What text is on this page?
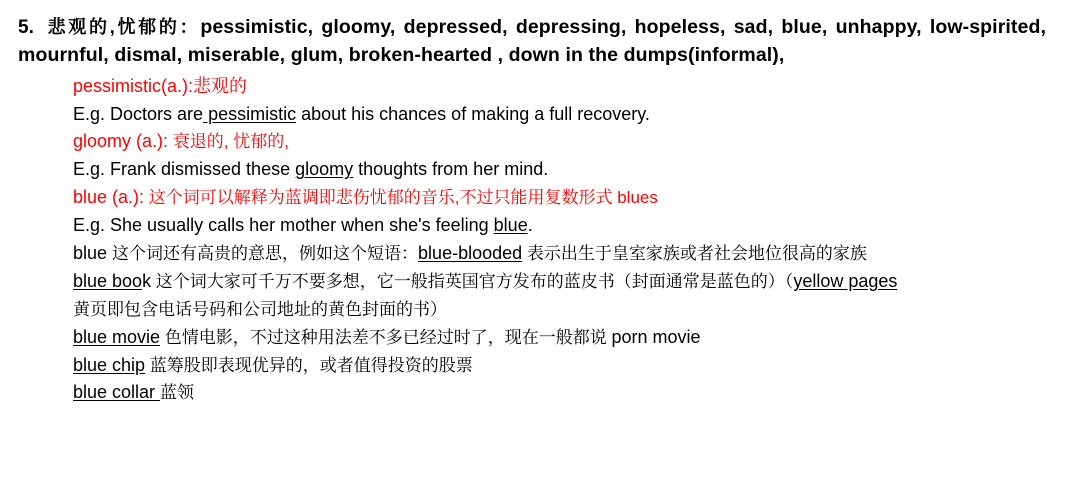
5. 悲观的,忧郁的：pessimistic, gloomy, depressed, depressing, hopeless, sad, blue, unhappy, low-spirited, mournful, dismal, miserable, glum, broken-hearted , down in the dumps(informal),
pessimistic(a.):悲观的
E.g. Doctors are pessimistic about his chances of making a full recovery.
gloomy (a.): 衰退的, 忧郁的,
E.g. Frank dismissed these gloomy thoughts from her mind.
blue (a.): 这个词可以解释为蓝调即悲伤忧郁的音乐,不过只能用复数形式 blues
E.g. She usually calls her mother when she's feeling blue.
blue 这个词还有高贵的意思，例如这个短语：blue-blooded 表示出生于皇室家族或者社会地位很高的家族
blue book 这个词大家可千万不要多想，它一般指英国官方发布的蓝皮书（封面通常是蓝色的）（yellow pages
黄页即包含电话号码和公司地址的黄色封面的书）
blue movie 色情电影，不过这种用法差不多已经过时了，现在一般都说 porn movie
blue chip 蓝筹股即表现优异的，或者值得投资的股票
blue collar 蓝领
